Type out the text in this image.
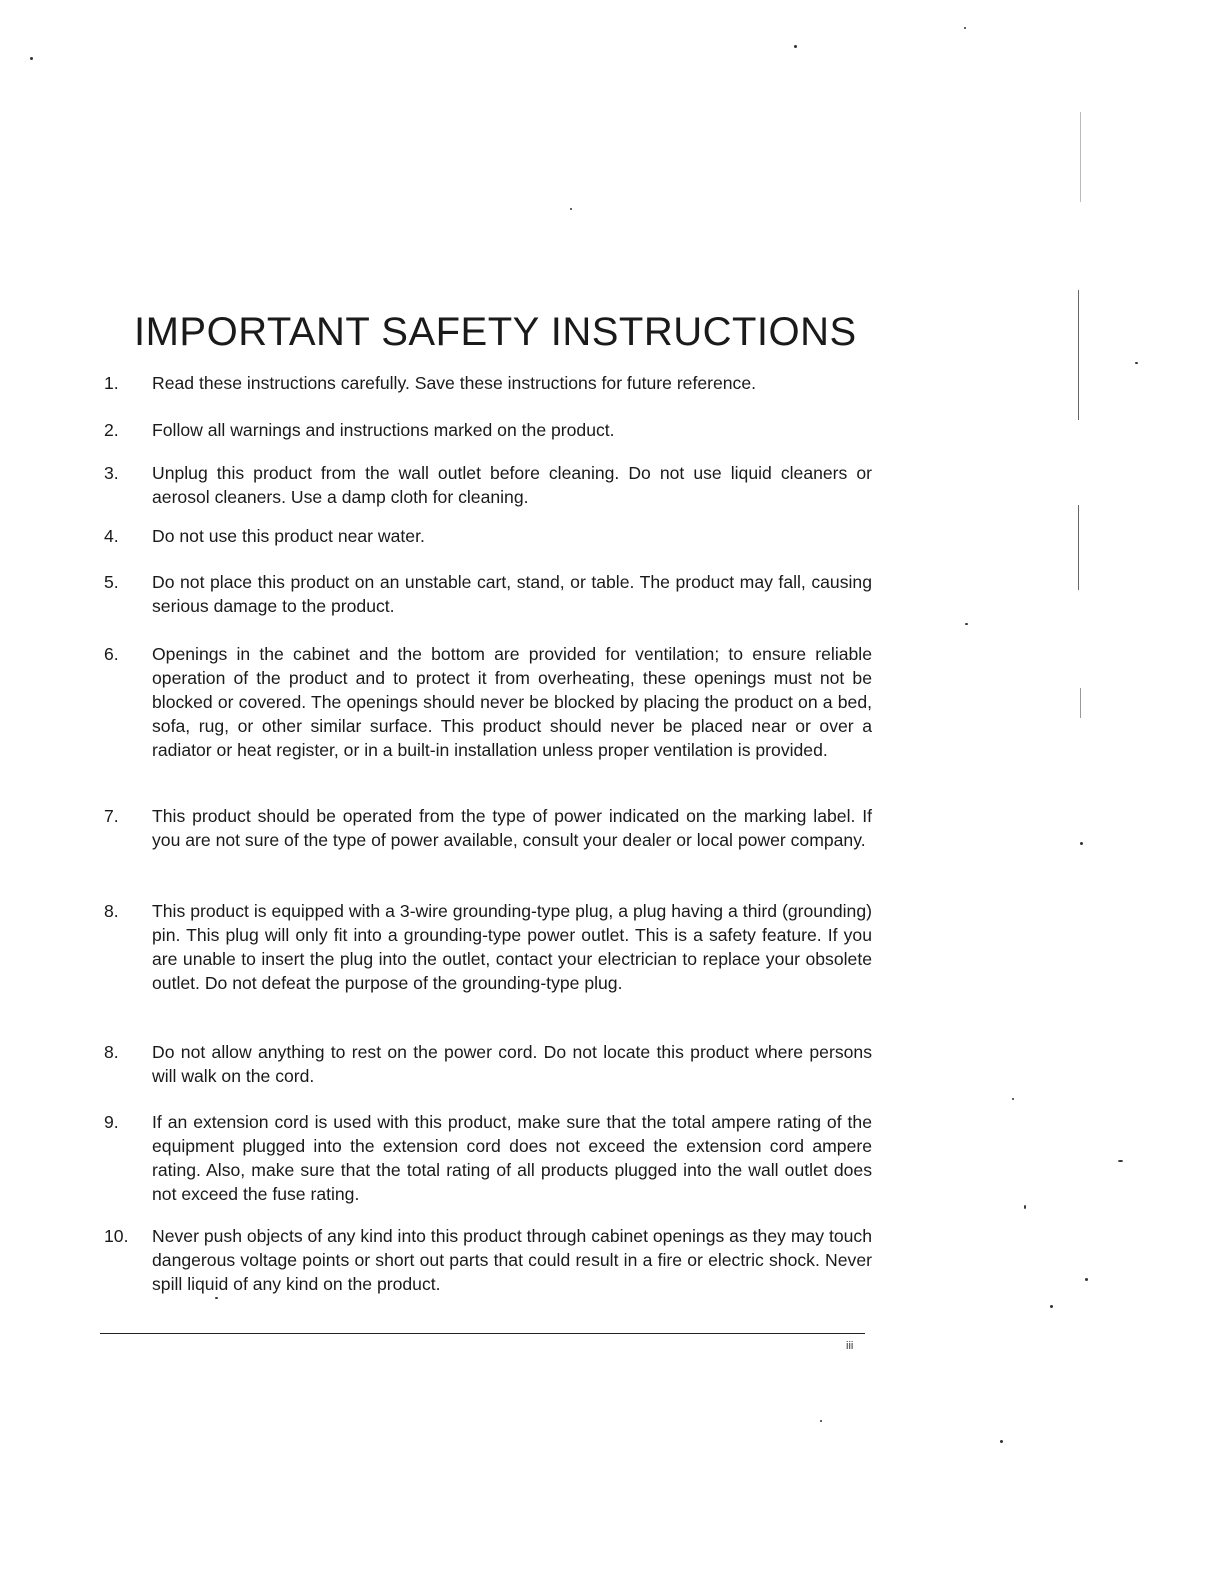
IMPORTANT SAFETY INSTRUCTIONS
1.	Read these instructions carefully. Save these instructions for future reference.
2.	Follow all warnings and instructions marked on the product.
3.	Unplug this product from the wall outlet before cleaning. Do not use liquid cleaners or aerosol cleaners. Use a damp cloth for cleaning.
4.	Do not use this product near water.
5.	Do not place this product on an unstable cart, stand, or table. The product may fall, causing serious damage to the product.
6.	Openings in the cabinet and the bottom are provided for ventilation; to ensure reliable operation of the product and to protect it from overheating, these openings must not be blocked or covered. The openings should never be blocked by placing the product on a bed, sofa, rug, or other similar surface. This product should never be placed near or over a radiator or heat register, or in a built-in installation unless proper ventilation is provided.
7.	This product should be operated from the type of power indicated on the marking label. If you are not sure of the type of power available, consult your dealer or local power company.
8.	This product is equipped with a 3-wire grounding-type plug, a plug having a third (grounding) pin. This plug will only fit into a grounding-type power outlet. This is a safety feature. If you are unable to insert the plug into the outlet, contact your electrician to replace your obsolete outlet. Do not defeat the purpose of the grounding-type plug.
8.	Do not allow anything to rest on the power cord. Do not locate this product where persons will walk on the cord.
9.	If an extension cord is used with this product, make sure that the total ampere rating of the equipment plugged into the extension cord does not exceed the extension cord ampere rating. Also, make sure that the total rating of all products plugged into the wall outlet does not exceed the fuse rating.
10.	Never push objects of any kind into this product through cabinet openings as they may touch dangerous voltage points or short out parts that could result in a fire or electric shock. Never spill liquid of any kind on the product.
iii
